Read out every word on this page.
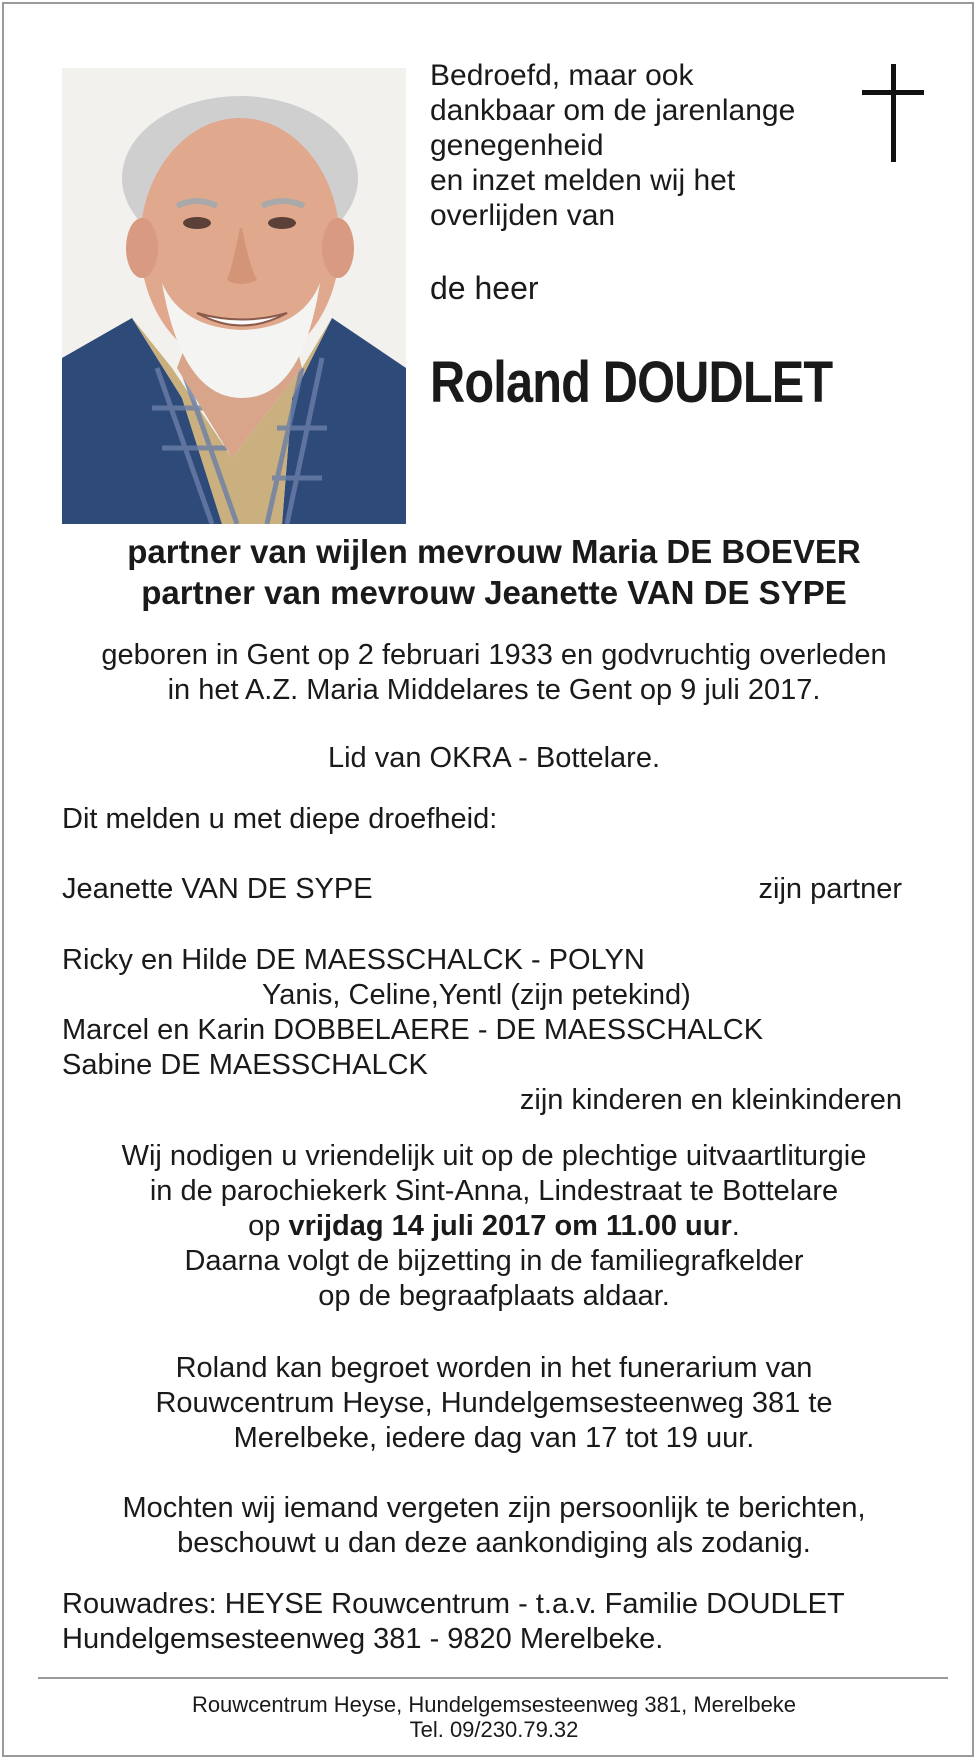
Bedroefd, maar ook
dankbaar om de jarenlange
genegenheid
en inzet melden wij het
overlijden van
de heer
Roland DOUDLET
partner van wijlen mevrouw Maria DE BOEVER
partner van mevrouw Jeanette VAN DE SYPE
geboren in Gent op 2 februari 1933 en godvruchtig overleden
in het A.Z. Maria Middelares te Gent op 9 juli 2017.
Lid van OKRA - Bottelare.
Dit melden u met diepe droefheid:
Jeanette VAN DE SYPE	zijn partner
Ricky en Hilde DE MAESSCHALCK - POLYN
Yanis, Celine,Yentl (zijn petekind)
Marcel en Karin DOBBELAERE - DE MAESSCHALCK
Sabine DE MAESSCHALCK
zijn kinderen en kleinkinderen
Wij nodigen u vriendelijk uit op de plechtige uitvaartliturgie
in de parochiekerk Sint-Anna, Lindestraat te Bottelare
op vrijdag 14 juli 2017 om 11.00 uur.
Daarna volgt de bijzetting in de familiegrafkelder
op de begraafplaats aldaar.
Roland kan begroet worden in het funerarium van
Rouwcentrum Heyse, Hundelgemsesteenweg 381 te
Merelbeke, iedere dag van 17 tot 19 uur.
Mochten wij iemand vergeten zijn persoonlijk te berichten,
beschouwt u dan deze aankondiging als zodanig.
Rouwadres: HEYSE Rouwcentrum - t.a.v. Familie DOUDLET
Hundelgemsesteenweg 381 - 9820 Merelbeke.
Rouwcentrum Heyse, Hundelgemsesteenweg 381, Merelbeke
Tel. 09/230.79.32
